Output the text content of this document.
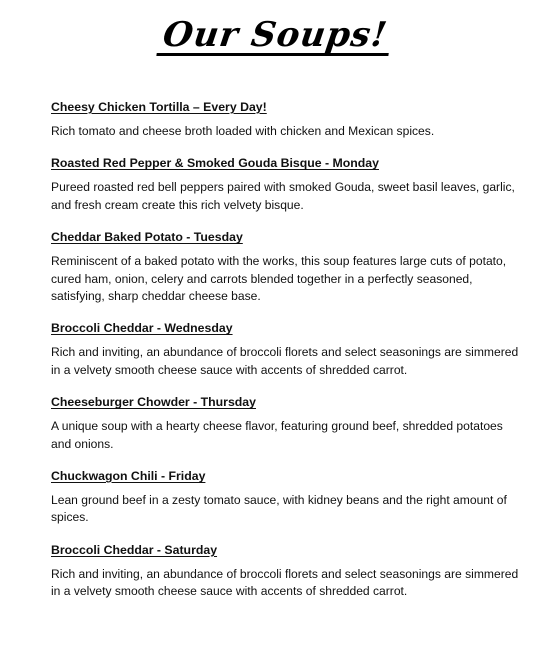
Our Soups!
Cheesy Chicken Tortilla – Every Day!

Rich tomato and cheese broth loaded with chicken and Mexican spices.

Roasted Red Pepper & Smoked Gouda Bisque - Monday

Pureed roasted red bell peppers paired with smoked Gouda, sweet basil leaves, garlic, and fresh cream create this rich velvety bisque.

Cheddar Baked Potato - Tuesday

Reminiscent of a baked potato with the works, this soup features large cuts of potato, cured ham, onion, celery and carrots blended together in a perfectly seasoned, satisfying, sharp cheddar cheese base.

Broccoli Cheddar - Wednesday

Rich and inviting, an abundance of broccoli florets and select seasonings are simmered in a velvety smooth cheese sauce with accents of shredded carrot.

Cheeseburger Chowder - Thursday

A unique soup with a hearty cheese flavor, featuring ground beef, shredded potatoes and onions.

Chuckwagon Chili - Friday

Lean ground beef in a zesty tomato sauce, with kidney beans and the right amount of spices.

Broccoli Cheddar - Saturday

Rich and inviting, an abundance of broccoli florets and select seasonings are simmered in a velvety smooth cheese sauce with accents of shredded carrot.
